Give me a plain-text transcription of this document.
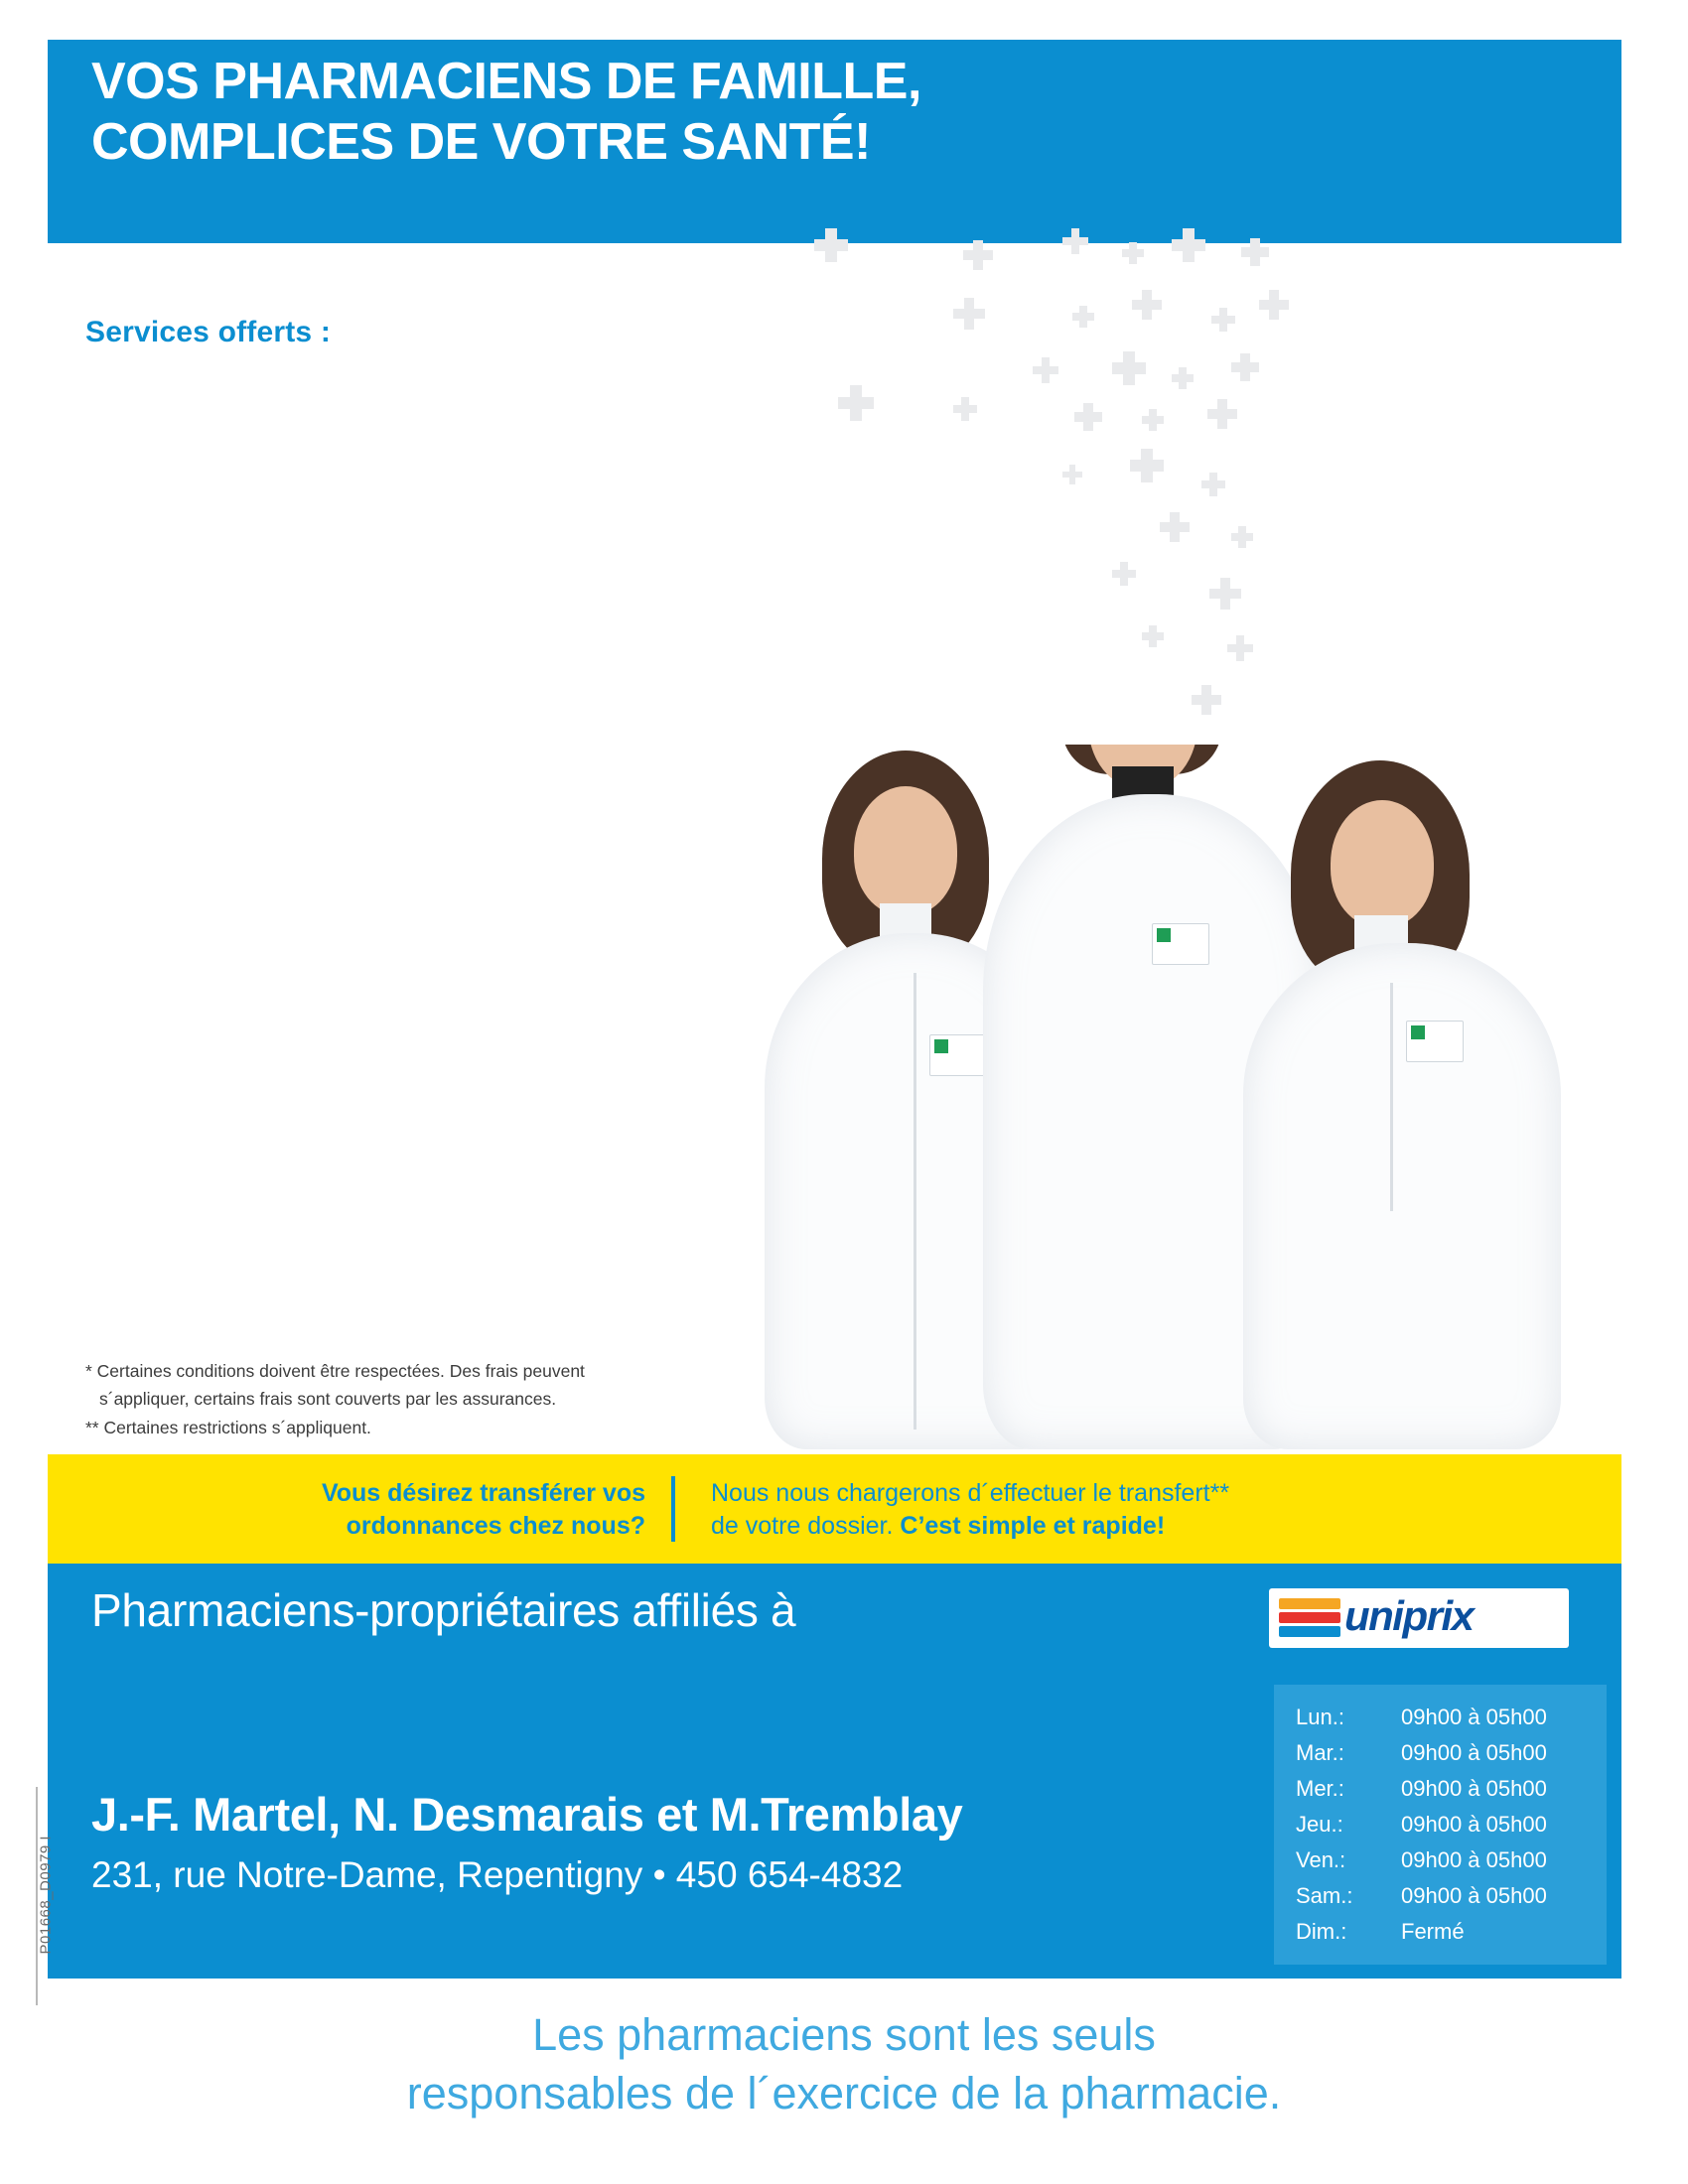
VOS PHARMACIENS DE FAMILLE,
COMPLICES DE VOTRE SANTÉ!
Services offerts :
* Certaines conditions doivent être respectées. Des frais peuvent
s´appliquer, certains frais sont couverts par les assurances.
** Certaines restrictions s´appliquent.
Vous désirez transférer vos
ordonnances chez nous?
Nous nous chargerons d´effectuer le transfert**
de votre dossier. C’est simple et rapide!
Pharmaciens-propriétaires affiliés à	uniprix
J.-F. Martel, N. Desmarais et M.Tremblay
231, rue Notre-Dame, Repentigny • 450 654-4832
Lun.:	09h00 à 05h00
Mar.:	09h00 à 05h00
Mer.:	09h00 à 05h00
Jeu.:	09h00 à 05h00
Ven.:	09h00 à 05h00
Sam.:	09h00 à 05h00
Dim.:	Fermé
Les pharmaciens sont les seuls
responsables de l´exercice de la pharmacie.
P01668_D0979 I
